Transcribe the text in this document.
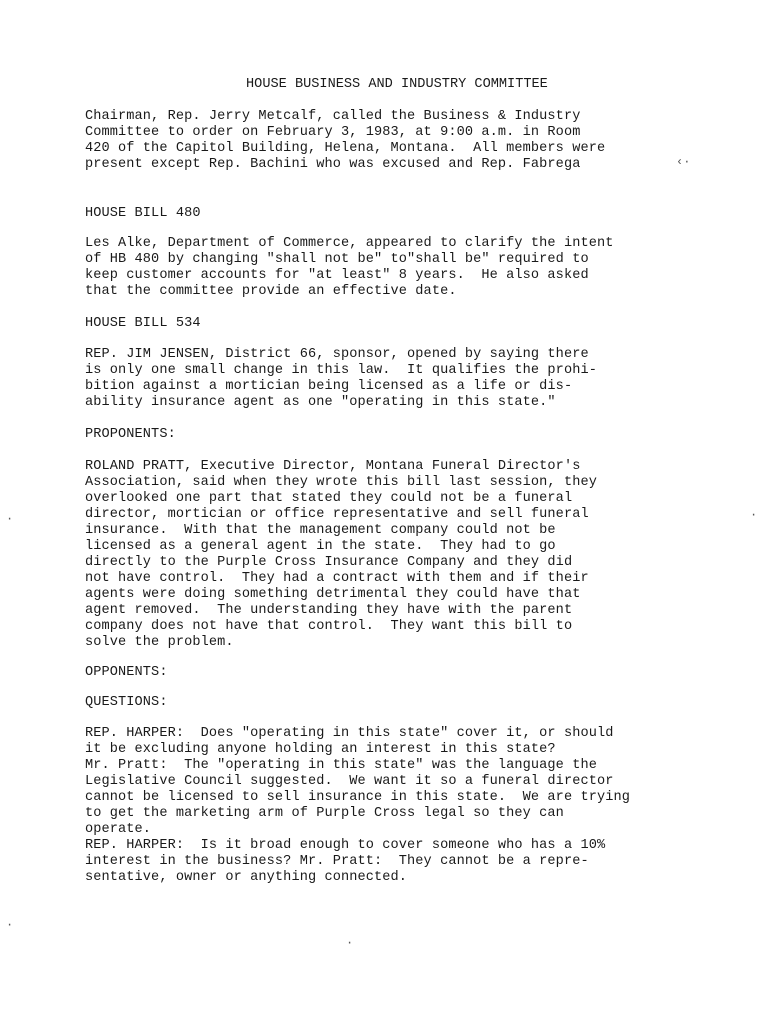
HOUSE BUSINESS AND INDUSTRY COMMITTEE
Chairman, Rep. Jerry Metcalf, called the Business & Industry
Committee to order on February 3, 1983, at 9:00 a.m. in Room
420 of the Capitol Building, Helena, Montana.  All members were
present except Rep. Bachini who was excused and Rep. Fabrega	‹·
HOUSE BILL 480
Les Alke, Department of Commerce, appeared to clarify the intent
of HB 480 by changing "shall not be" to"shall be" required to
keep customer accounts for "at least" 8 years.  He also asked
that the committee provide an effective date.
HOUSE BILL 534
REP. JIM JENSEN, District 66, sponsor, opened by saying there
is only one small change in this law.  It qualifies the prohi-
bition against a mortician being licensed as a life or dis-
ability insurance agent as one "operating in this state."
PROPONENTS:
ROLAND PRATT, Executive Director, Montana Funeral Director's
Association, said when they wrote this bill last session, they
overlooked one part that stated they could not be a funeral
director, mortician or office representative and sell funeral
insurance.  With that the management company could not be
licensed as a general agent in the state.  They had to go
directly to the Purple Cross Insurance Company and they did
not have control.  They had a contract with them and if their
agents were doing something detrimental they could have that
agent removed.  The understanding they have with the parent
company does not have that control.  They want this bill to
solve the problem.
OPPONENTS:
QUESTIONS:
REP. HARPER:  Does "operating in this state" cover it, or should
it be excluding anyone holding an interest in this state?
Mr. Pratt:  The "operating in this state" was the language the
Legislative Council suggested.  We want it so a funeral director
cannot be licensed to sell insurance in this state.  We are trying
to get the marketing arm of Purple Cross legal so they can
operate.
REP. HARPER:  Is it broad enough to cover someone who has a 10%
interest in the business? Mr. Pratt:  They cannot be a repre-
sentative, owner or anything connected.
·	·
·
·
